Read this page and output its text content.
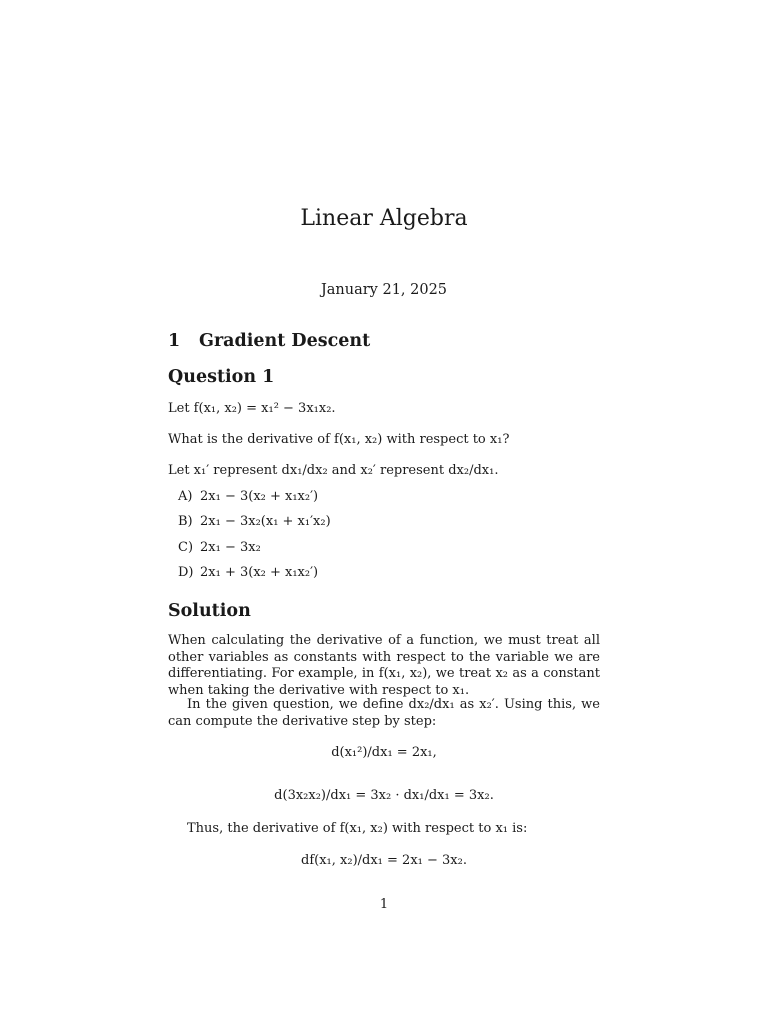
Linear Algebra
January 21, 2025
1 Gradient Descent
Question 1
Let f(x₁, x₂) = x₁² − 3x₁x₂.
What is the derivative of f(x₁, x₂) with respect to x₁?
Let x₁′ represent dx₁/dx₂ and x₂′ represent dx₂/dx₁.
A) 2x₁ − 3(x₂ + x₁x₂′)
B) 2x₁ − 3x₂(x₁ + x₁′x₂)
C) 2x₁ − 3x₂
D) 2x₁ + 3(x₂ + x₁x₂′)
Solution
When calculating the derivative of a function, we must treat all other variables as constants with respect to the variable we are differentiating. For example, in f(x₁, x₂), we treat x₂ as a constant when taking the derivative with respect to x₁.
In the given question, we define dx₂/dx₁ as x₂′. Using this, we can compute the derivative step by step:
d(x₁²)/dx₁ = 2x₁,
d(3x₂x₂)/dx₁ = 3x₂ · dx₁/dx₁ = 3x₂.
Thus, the derivative of f(x₁, x₂) with respect to x₁ is:
df(x₁, x₂)/dx₁ = 2x₁ − 3x₂.
1
